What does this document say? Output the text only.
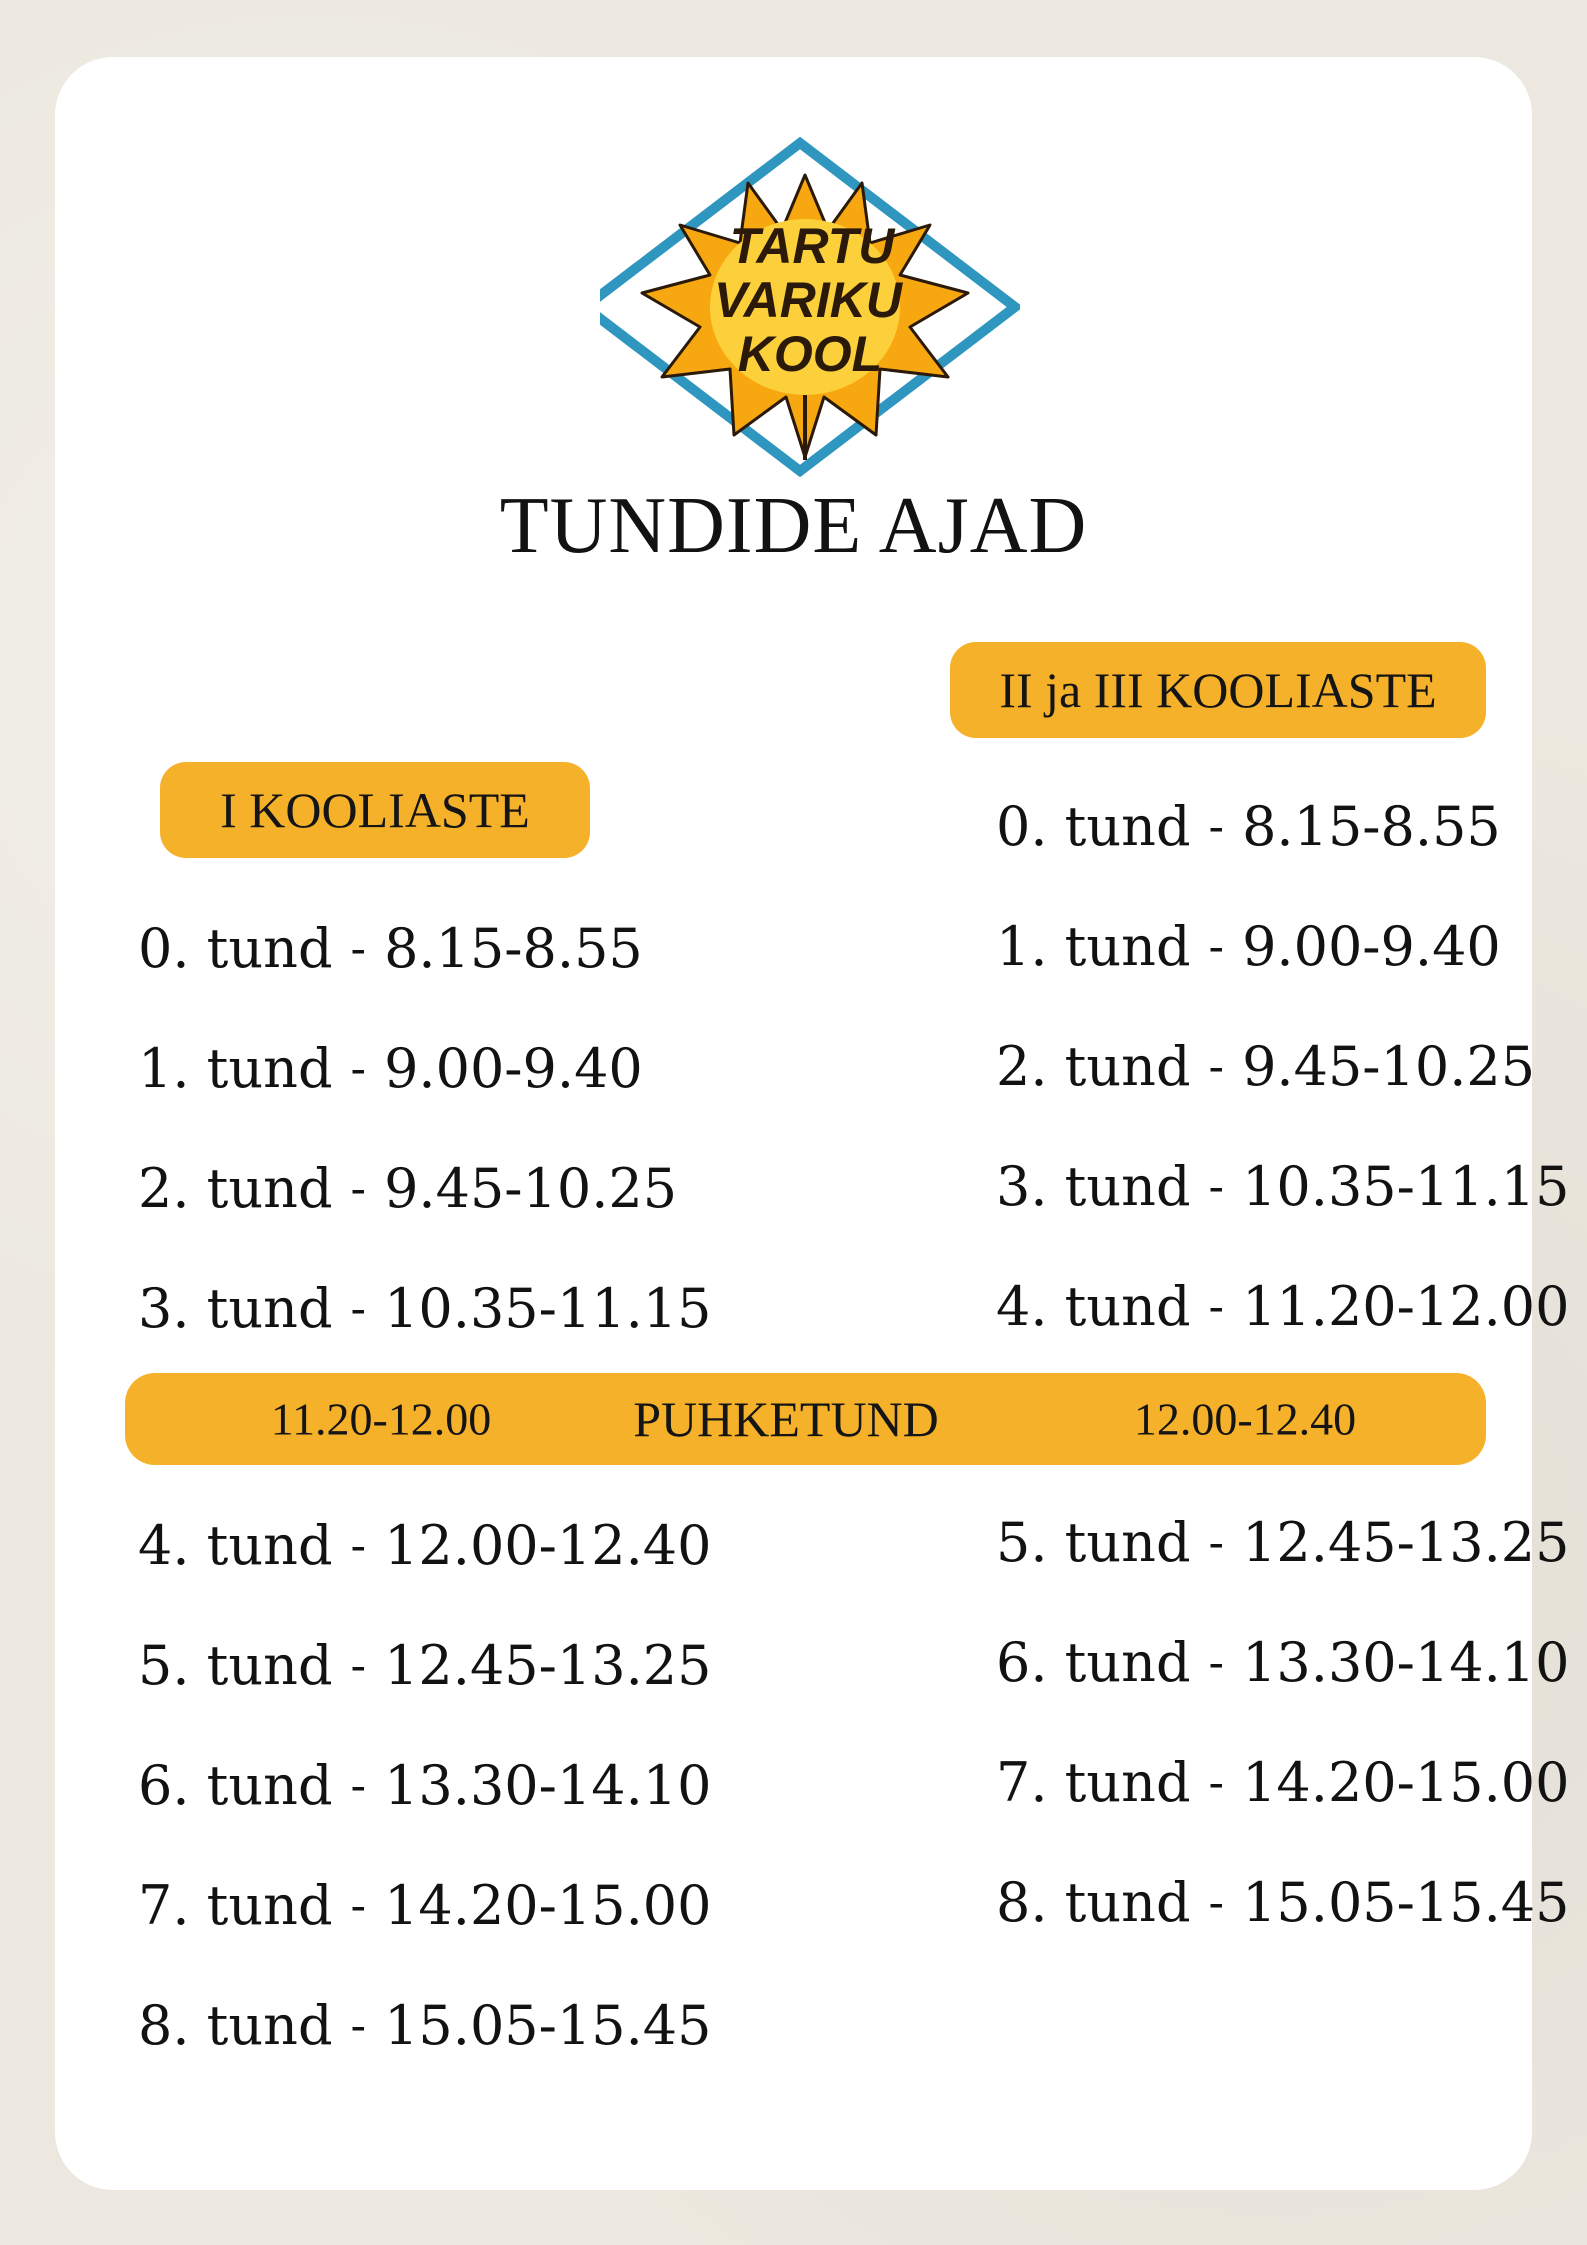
TARTU
VARIKU
KOOL
TUNDIDE AJAD
II ja III KOOLIASTE
I KOOLIASTE
0. tund - 8.15-8.55
1. tund - 9.00-9.40
2. tund - 9.45-10.25
3. tund - 10.35-11.15
0. tund - 8.15-8.55
1. tund - 9.00-9.40
2. tund - 9.45-10.25
3. tund - 10.35-11.15
4. tund - 11.20-12.00
11.20-12.00	PUHKETUND	12.00-12.40
4. tund - 12.00-12.40
5. tund - 12.45-13.25
6. tund - 13.30-14.10
7. tund - 14.20-15.00
8. tund - 15.05-15.45
5. tund - 12.45-13.25
6. tund - 13.30-14.10
7. tund - 14.20-15.00
8. tund - 15.05-15.45
